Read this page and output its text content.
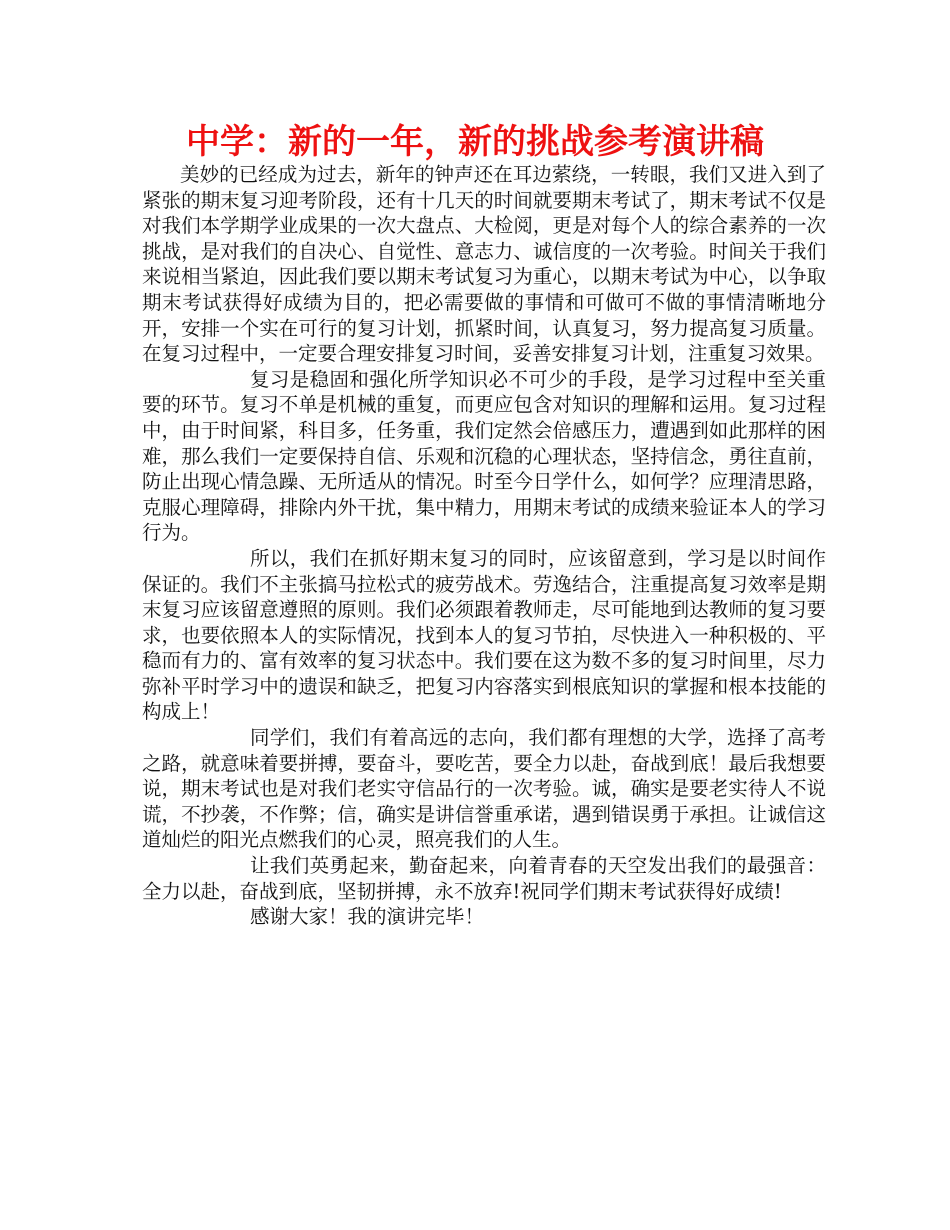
中学：新的一年，新的挑战参考演讲稿

美妙的已经成为过去，新年的钟声还在耳边萦绕，一转眼，我们又进入到了紧张的期末复习迎考阶段，还有十几天的时间就要期末考试了，期末考试不仅是对我们本学期学业成果的一次大盘点、大检阅，更是对每个人的综合素养的一次挑战，是对我们的自决心、自觉性、意志力、诚信度的一次考验。时间关于我们来说相当紧迫，因此我们要以期末考试复习为重心，以期末考试为中心，以争取期末考试获得好成绩为目的，把必需要做的事情和可做可不做的事情清晰地分开，安排一个实在可行的复习计划，抓紧时间，认真复习，努力提高复习质量。在复习过程中，一定要合理安排复习时间，妥善安排复习计划，注重复习效果。

复习是稳固和强化所学知识必不可少的手段，是学习过程中至关重要的环节。复习不单是机械的重复，而更应包含对知识的理解和运用。复习过程中，由于时间紧，科目多，任务重，我们定然会倍感压力，遭遇到如此那样的困难，那么我们一定要保持自信、乐观和沉稳的心理状态，坚持信念，勇往直前，防止出现心情急躁、无所适从的情况。时至今日学什么，如何学？应理清思路，克服心理障碍，排除内外干扰，集中精力，用期末考试的成绩来验证本人的学习行为。

所以，我们在抓好期末复习的同时，应该留意到，学习是以时间作保证的。我们不主张搞马拉松式的疲劳战术。劳逸结合，注重提高复习效率是期末复习应该留意遵照的原则。我们必须跟着教师走，尽可能地到达教师的复习要求，也要依照本人的实际情况，找到本人的复习节拍，尽快进入一种积极的、平稳而有力的、富有效率的复习状态中。我们要在这为数不多的复习时间里，尽力弥补平时学习中的遗误和缺乏，把复习内容落实到根底知识的掌握和根本技能的构成上！

同学们，我们有着高远的志向，我们都有理想的大学，选择了高考之路，就意味着要拼搏，要奋斗，要吃苦，要全力以赴，奋战到底！最后我想要说，期末考试也是对我们老实守信品行的一次考验。诚，确实是要老实待人不说谎，不抄袭，不作弊；信，确实是讲信誉重承诺，遇到错误勇于承担。让诚信这道灿烂的阳光点燃我们的心灵，照亮我们的人生。

让我们英勇起来，勤奋起来，向着青春的天空发出我们的最强音：全力以赴，奋战到底，坚韧拼搏，永不放弃!祝同学们期末考试获得好成绩!

感谢大家！我的演讲完毕！
